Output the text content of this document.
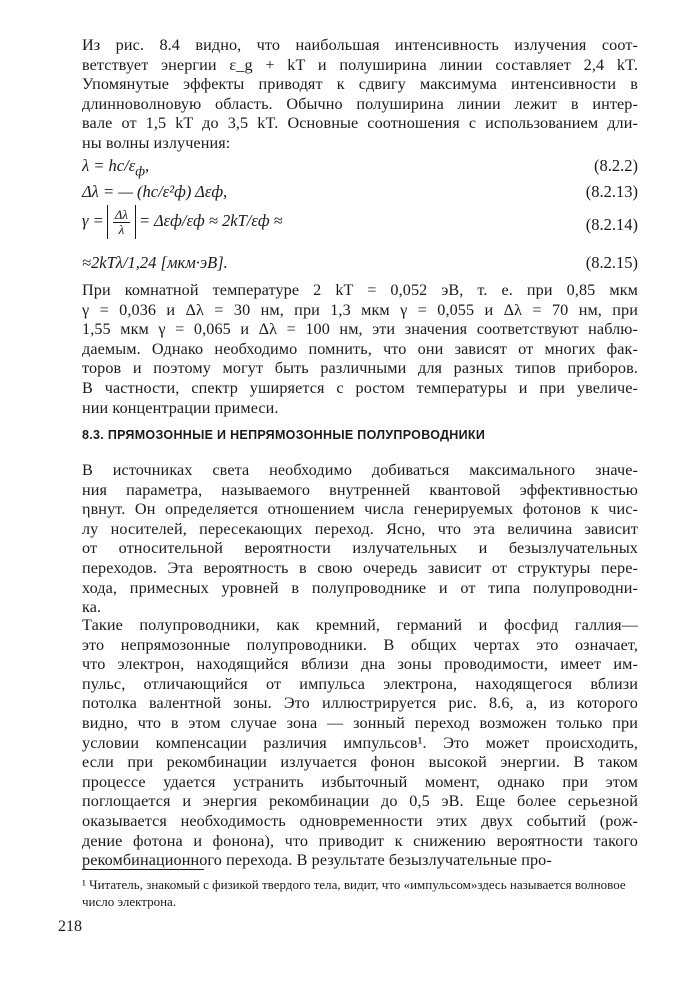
Из рис. 8.4 видно, что наибольшая интенсивность излучения соот-
ветствует энергии ε_g + kT и полуширина линии составляет 2,4 kT.
Упомянутые эффекты приводят к сдвигу максимума интенсивности в
длинноволновую область. Обычно полуширина линии лежит в интер-
вале от 1,5 kT до 3,5 kT. Основные соотношения с использованием дли-
ны волны излучения:
$\lambda = hc/\varepsilon_ф$,	(8.2.2)
Δλ = — (hc/ε²ф) Δεф,	(8.2.13)
$\gamma = \frac{\Delta\lambda}{\lambda} = \Delta\varepsilon ф/\varepsilon ф \approx 2kT/\varepsilon ф$ ≈	(8.2.14)
≈2kTλ/1,24 [мкм·эВ].	(8.2.15)
При комнатной температуре 2 kT = 0,052 эВ, т. е. при 0,85 мкм
γ = 0,036 и Δλ = 30 нм, при 1,3 мкм γ = 0,055 и Δλ = 70 нм, при
1,55 мкм γ = 0,065 и Δλ = 100 нм, эти значения соответствуют наблю-
даемым. Однако необходимо помнить, что они зависят от многих фак-
торов и поэтому могут быть различными для разных типов приборов.
В частности, спектр уширяется с ростом температуры и при увеличе-
нии концентрации примеси.
8.3. ПРЯМОЗОННЫЕ И НЕПРЯМОЗОННЫЕ ПОЛУПРОВОДНИКИ
В источниках света необходимо добиваться максимального значе-
ния параметра, называемого внутренней квантовой эффективностью
ηвнут. Он определяется отношением числа генерируемых фотонов к чис-
лу носителей, пересекающих переход. Ясно, что эта величина зависит
от относительной вероятности излучательных и безызлучательных
переходов. Эта вероятность в свою очередь зависит от структуры пере-
хода, примесных уровней в полупроводнике и от типа полупроводни-
ка.
Такие полупроводники, как кремний, германий и фосфид галлия—
это непрямозонные полупроводники. В общих чертах это означает,
что электрон, находящийся вблизи дна зоны проводимости, имеет им-
пульс, отличающийся от импульса электрона, находящегося вблизи
потолка валентной зоны. Это иллюстрируется рис. 8.6, а, из которого
видно, что в этом случае зона — зонный переход возможен только при
условии компенсации различия импульсов¹. Это может происходить,
если при рекомбинации излучается фонон высокой энергии. В таком
процессе удается устранить избыточный момент, однако при этом
поглощается и энергия рекомбинации до 0,5 эВ. Еще более серьезной
оказывается необходимость одновременности этих двух событий (рож-
дение фотона и фонона), что приводит к снижению вероятности такого
рекомбинационного перехода. В результате безызлучательные про-
¹ Читатель, знакомый с физикой твердого тела, видит, что «импульсом»здесь называется волновое число электрона.
218
